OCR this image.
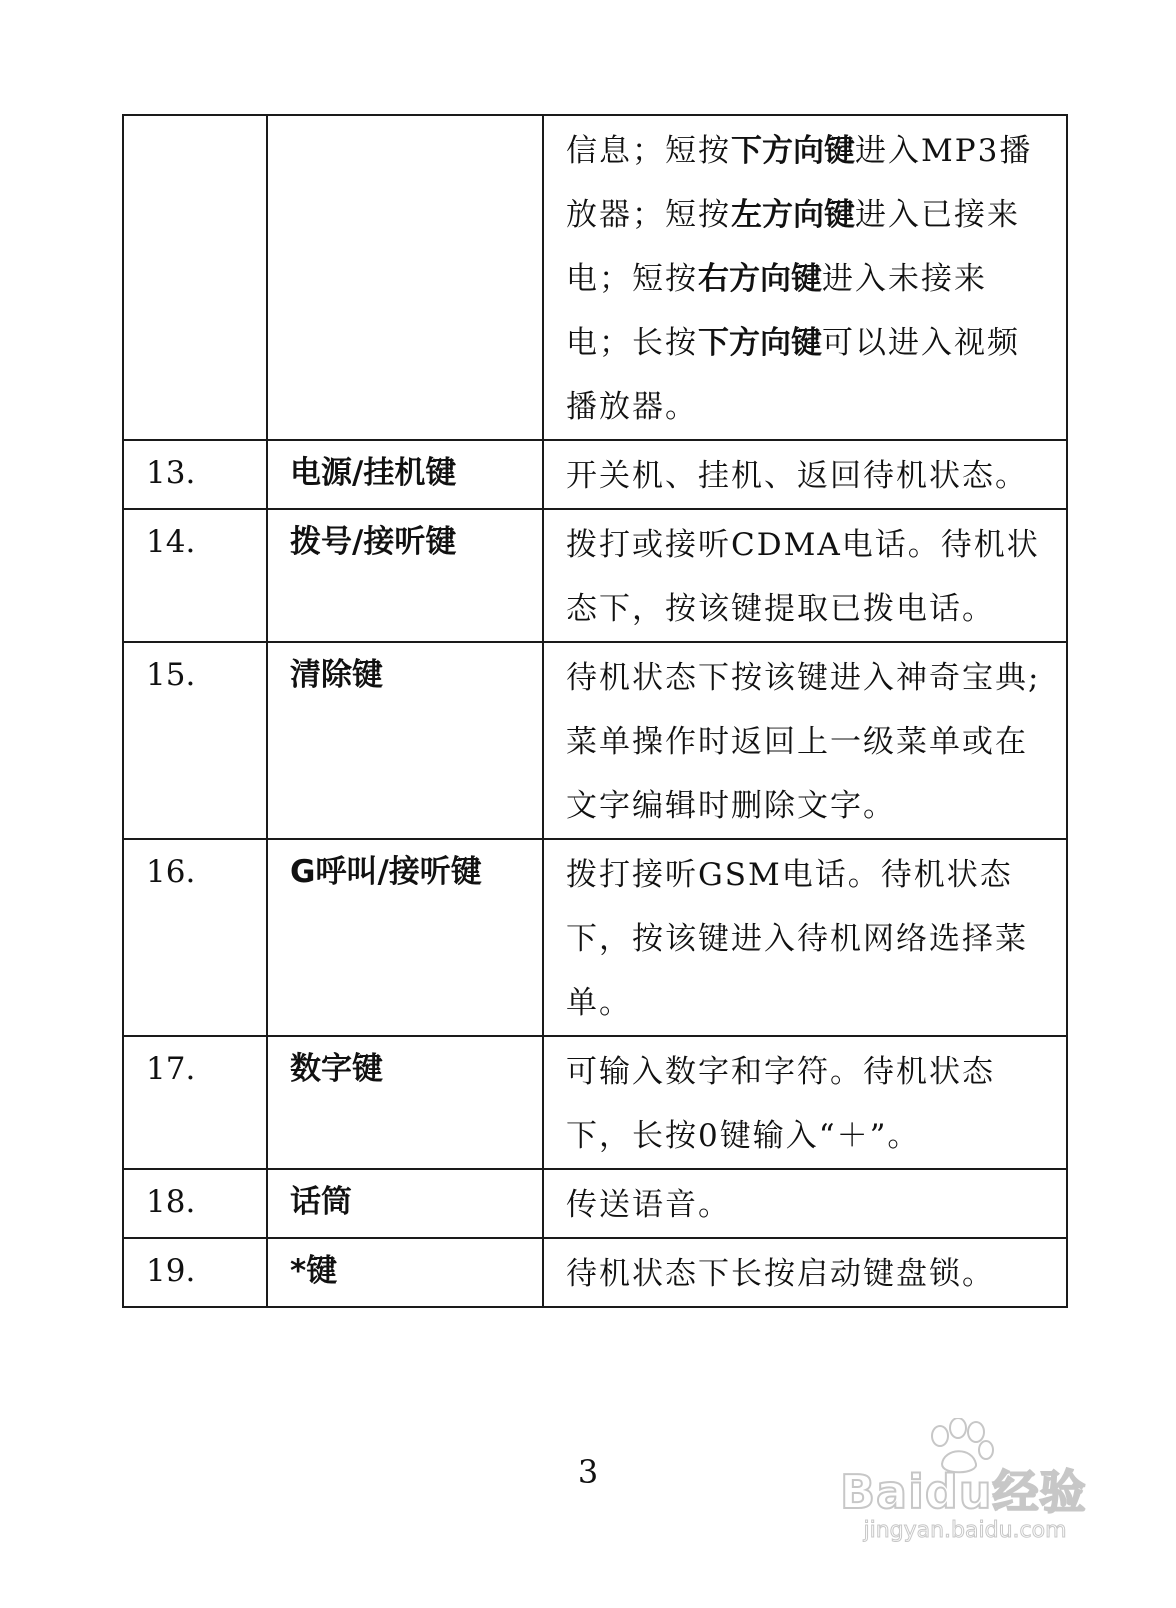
		信息；短按下方向键进入MP3播放器；短按左方向键进入已接来电；短按右方向键进入未接来电；长按下方向键可以进入视频播放器。
13.	电源/挂机键	开关机、挂机、返回待机状态。
14.	拨号/接听键	拨打或接听CDMA电话。待机状态下，按该键提取已拨电话。
15.	清除键	待机状态下按该键进入神奇宝典; 菜单操作时返回上一级菜单或在文字编辑时删除文字。
16.	G呼叫/接听键	拨打接听GSM电话。待机状态下，按该键进入待机网络选择菜单。
17.	数字键	可输入数字和字符。待机状态下，长按0键输入“＋”。
18.	话筒	传送语音。
19.	*键	待机状态下长按启动键盘锁。
3	Baidu经验
jingyan.baidu.com
